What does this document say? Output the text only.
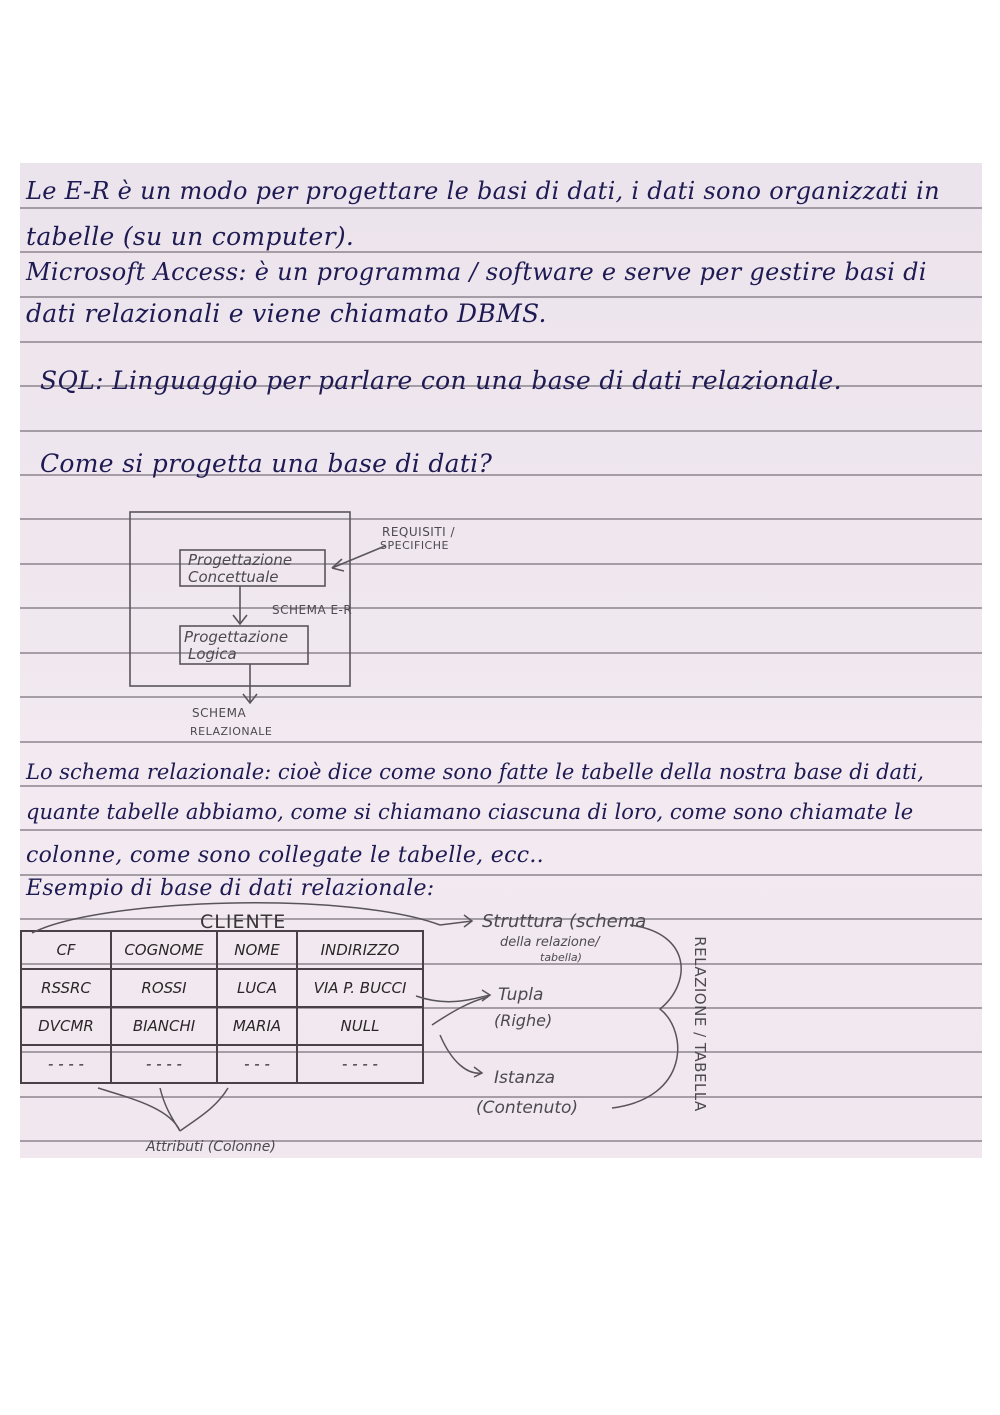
Le E-R è un modo per progettare le basi di dati, i dati sono organizzati in
tabelle (su un computer).
Microsoft Access: è un programma / software e serve per gestire basi di
dati relazionali e viene chiamato DBMS.
SQL: Linguaggio per parlare con una base di dati relazionale.
Come si progetta una base di dati?
REQUISITI /
SPECIFICHE
Progettazione
Concettuale
SCHEMA E-R
Progettazione
Logica
SCHEMA
RELAZIONALE
Lo schema relazionale: cioè dice come sono fatte le tabelle della nostra base di dati,
quante tabelle abbiamo, come si chiamano ciascuna di loro, come sono chiamate le
colonne, come sono collegate le tabelle, ecc..
Esempio di base di dati relazionale:
CLIENTE
CF	COGNOME	NOME	INDIRIZZO
RSSRC	ROSSI	LUCA	VIA P. BUCCI
DVCMR	BIANCHI	MARIA	NULL
- - - -	- - - -	- - -	- - - -
Struttura (schema
della relazione/
tabella)
Tupla
(Righe)
Istanza
(Contenuto)	RELAZIONE / TABELLA
Attributi (Colonne)
